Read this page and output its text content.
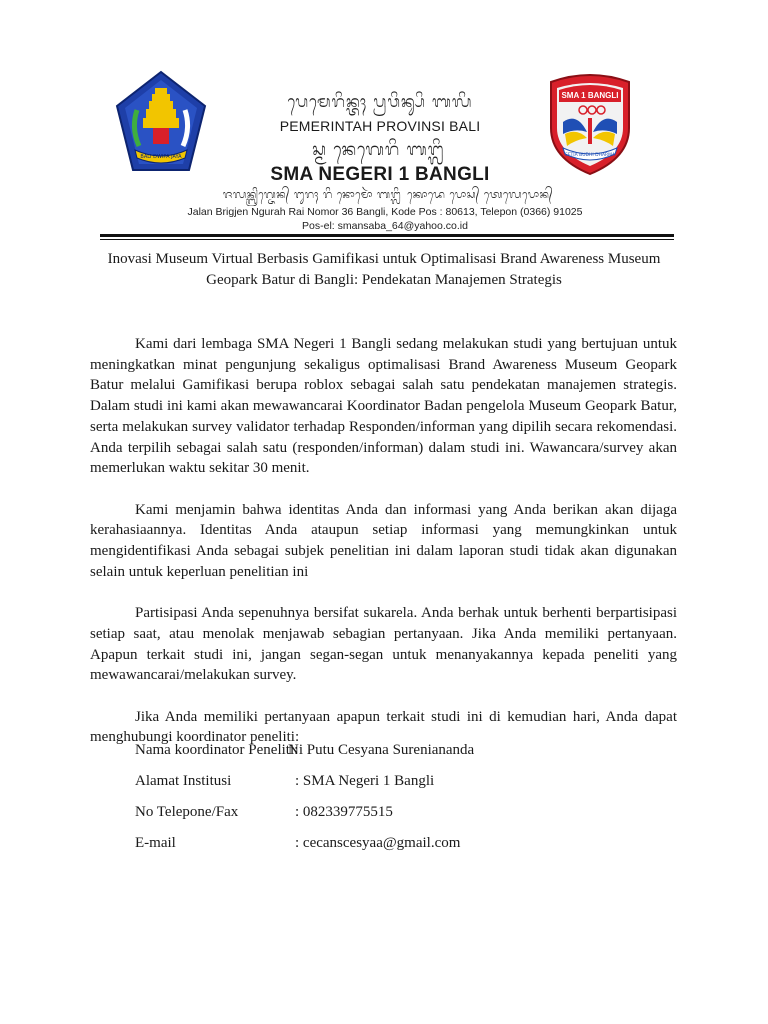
BALI DWIPA JAYA
ᬧᬾᬫᬾᬭᬶᬦ᭄ᬢᬄ ᬧ᭄ᬭᬯᬶᬦ᭄ᬲᬶ ᬩᬮᬶ
PEMERINTAH PROVINSI BALI
ᬲ᭄ᬫ ᬦᬾᬕᬾᬭᬶ ᬩᬗ᭄ᬮᬶ
SMA NEGERI 1 BANGLI
ᬚᬮᬦ᭄ᬩ᭄ᬭᬶᬕ᭄ᬚᬾᬦ᭄ ᬗᬸᬭᬄ ᬭᬶ ᬦᭀᬫᭀᬃ ᬩᬗ᭄ᬮᬶ ᬓᭀᬤᬾ ᬧᭀᬲ᭄ ᬢᬾᬮᬾᬧᭀᬦ᭄
Jalan Brigjen Ngurah Rai Nomor 36 Bangli, Kode Pos : 80613, Telepon (0366) 91025
Pos-el: smansaba_64@yahoo.co.id
SMA 1 BANGLI
SETIA BUDHI DHARMA
Inovasi Museum Virtual Berbasis Gamifikasi untuk Optimalisasi Brand Awareness Museum Geopark Batur di Bangli: Pendekatan Manajemen Strategis

Kami dari lembaga SMA Negeri 1 Bangli sedang melakukan studi yang bertujuan untuk meningkatkan minat pengunjung sekaligus optimalisasi Brand Awareness Museum Geopark Batur melalui Gamifikasi berupa roblox sebagai salah satu pendekatan manajemen strategis. Dalam studi ini kami akan mewawancarai Koordinator Badan pengelola Museum Geopark Batur, serta melakukan survey validator terhadap Responden/informan yang dipilih secara rekomendasi. Anda terpilih sebagai salah satu (responden/informan) dalam studi ini. Wawancara/survey akan memerlukan waktu sekitar 30 menit.

Kami menjamin bahwa identitas Anda dan informasi yang Anda berikan akan dijaga kerahasiaannya. Identitas Anda ataupun setiap informasi yang memungkinkan untuk mengidentifikasi Anda sebagai subjek penelitian ini dalam laporan studi tidak akan digunakan selain untuk keperluan penelitian ini

Partisipasi Anda sepenuhnya bersifat sukarela. Anda berhak untuk berhenti berpartisipasi setiap saat, atau menolak menjawab sebagian pertanyaan. Jika Anda memiliki pertanyaan. Apapun terkait studi ini, jangan segan-segan untuk menanyakannya kepada peneliti yang mewawancarai/melakukan survey.

Jika Anda memiliki pertanyaan apapun terkait studi ini di kemudian hari, Anda dapat menghubungi koordinator peneliti:

Nama koordinator Peneliti:
Ni Putu Cesyana Sureniananda
Alamat Institusi	: SMA Negeri 1 Bangli
No Telepone/Fax	: 082339775515
E-mail	: cecanscesyaa@gmail.com
